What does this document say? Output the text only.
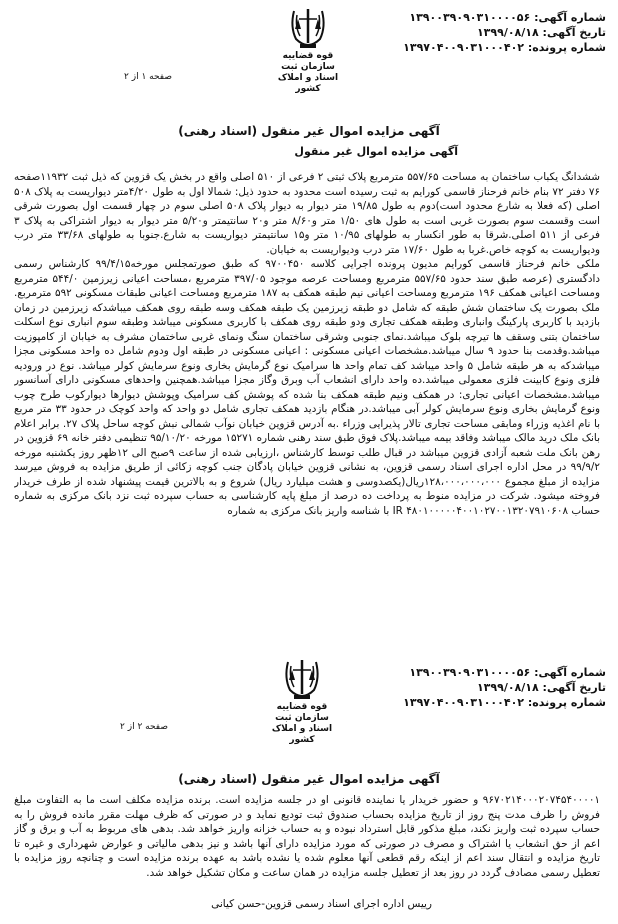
شماره آگهی: ۱۳۹۰۰۳۹۰۹۰۳۱۰۰۰۰۵۶
تاریخ آگهی: ۱۳۹۹/۰۸/۱۸
شماره پرونده: ۱۳۹۷۰۴۰۰۹۰۳۱۰۰۰۴۰۲
قوه قضاییه
سازمان ثبت اسناد و املاک کشور
صفحه ۱ از ۲
آگهی مزایده اموال غیر منقول (اسناد رهنی)
آگهی مزایده اموال غیر منقول
ششدانگ یکباب ساختمان به مساحت ۵۵۷/۶۵ مترمربع پلاک ثبتی ۲ فرعی از ۵۱۰ اصلی واقع در بخش یک قزوین که ذیل ثبت ۱۱۹۳۲صفحه ۷۶ دفتر ۷۲ بنام خانم فرحناز قاسمی کورایم به ثبت رسیده است محدود به حدود ذیل: شمالا اول به طول ۴/۲۰متر دیواریست به پلاک ۵۰۸ اصلی (که فعلا به شارع محدود است)دوم به طول ۱۹/۸۵ متر دیوار به دیوار پلاک ۵۰۸ اصلی سوم در چهار قسمت اول بصورت شرقی است وقسمت سوم بصورت غربی است به طول های ۱/۵۰ متر و۸/۶۰ متر و۲۰ سانتیمتر و۵/۲۰ متر دیوار به دیوار اشتراکی به پلاک ۳ فرعی از ۵۱۱ اصلی.شرقا به طور انکسار به طولهای ۱۰/۹۵ متر و۱۵ سانتیمتر دیواریست به شارع.جنوبا به طولهای ۳۳/۶۸ متر درب ودیواریست به کوچه خاص.غربا به طول ۱۷/۶۰ متر درب ودیواریست به خیابان.
ملکی خانم فرحناز قاسمی کورایم مدیون پرونده اجرایی کلاسه ۹۷۰۰۴۵۰ که طبق صورتمجلس مورخه۹۹/۴/۱۵ کارشناس رسمی دادگستری (عرصه طبق سند حدود ۵۵۷/۶۵ مترمربع ومساحت عرصه موجود ۳۹۷/۰۵ مترمربع ،مساحت اعیانی زیرزمین ۵۴۴/۰ مترمربع ومساحت اعیانی همکف ۱۹۶ مترمربع ومساحت اعیانی نیم طبقه همکف به ۱۸۷ مترمربع ومساحت اعیانی طبقات مسکونی ۵۹۲ مترمربع. ملک بصورت یک ساختمان شش طبقه که شامل دو طبقه زیرزمین یک طبقه همکف وسه طبقه روی همکف میباشدکه زیرزمین در زمان بازدید با کاربری پارکینگ وانباری وطبقه همکف تجاری ودو طبقه روی همکف با کاربری مسکونی میباشد وطبقه سوم انباری نوع اسکلت ساختمان بتنی وسقف ها تیرچه بلوک میباشد.نمای جنوبی وشرقی ساختمان سنگ ونمای غربی ساختمان مشرف به خیابان از کامپوزیت میباشد.وقدمت بنا حدود ۹ سال میباشد.مشخصات اعیانی مسکونی : اعیانی مسکونی در طبقه اول ودوم شامل ده واحد مسکونی مجزا میباشدکه به هر طبقه شامل ۵ واحد میباشد کف تمام واحد ها سرامیک نوع گرمایش بخاری ونوع سرمایش کولر میباشد. نوع در ورودیه فلزی ونوع کابینت فلزی معمولی میباشد.ده واحد دارای انشعاب آب وبرق وگاز مجزا میباشد.همچنین واحدهای مسکونی دارای آسانسور میباشد.مشخصات اعیانی تجاری: در همکف ونیم طبقه همکف بنا شده که پوشش کف سرامیک وپوشش دیوارها دیوارکوب طرح چوب ونوع گرمایش بخاری ونوع سرمایش کولر آبی میباشد.در هنگام بازدید همکف تجاری شامل دو واحد که واحد کوچک در حدود ۳۳ متر مربع با نام اغذیه وزراء ومابقی مساحت تجاری تالار پذیرایی وزراء .به آدرس قزوین خیابان نوآب شمالی نبش کوچه ساحل پلاک ۲۷. برابر اعلام بانک ملک درید مالک میباشد وفاقد بیمه میباشد.پلاک فوق طبق سند رهنی شماره ۱۵۲۷۱ مورخه ۹۵/۱۰/۲۰ تنظیمی دفتر خانه ۶۹ قزوین در رهن بانک ملت شعبه آزادی قزوین میباشد در قبال طلب توسط کارشناس ،ارزیابی شده از ساعت ۹صبح الی ۱۲ظهر روز یکشنبه مورخه ۹۹/۹/۲ در محل اداره اجرای اسناد رسمی قزوین، به نشانی قزوین خیابان پادگان جنب کوچه زکائی از طریق مزایده به فروش میرسد مزایده از مبلغ مجموع ۱۲۸،۰۰۰،۰۰۰،۰۰۰ریال(یکصدوسی و هشت میلیارد ریال) شروع و به بالاترین قیمت پیشنهاد شده از طرف خریدار فروخته میشود. شرکت در مزایده منوط به پرداخت ده درصد از مبلغ پایه کارشناسی به حساب سپرده ثبت نزد بانک مرکزی به شماره حساب IR ۴۸۰۱۰۰۰۰۰۴۰۰۱۰۲۷۰۰۱۳۲۰۷۹۱۰۶۰۸ با شناسه واریز بانک مرکزی به شماره
شماره آگهی: ۱۳۹۰۰۳۹۰۹۰۳۱۰۰۰۰۵۶
تاریخ آگهی: ۱۳۹۹/۰۸/۱۸
شماره پرونده: ۱۳۹۷۰۴۰۰۹۰۳۱۰۰۰۴۰۲
قوه قضاییه
سازمان ثبت اسناد و املاک کشور
صفحه ۲ از ۲
آگهی مزایده اموال غیر منقول (اسناد رهنی)
۹۶۷۰۲۱۴۰۰۰۲۰۷۴۵۴۰۰۰۰۱ و حضور خریدار یا نماینده قانونی او در جلسه مزایده است. برنده مزایده مکلف است ما به التفاوت مبلغ فروش را ظرف مدت پنج روز از تاریخ مزایده بحساب صندوق ثبت تودیع نماید و در صورتی که ظرف مهلت مقرر مانده فروش را به حساب سپرده ثبت واریز نکند، مبلغ مذکور قابل استرداد نبوده و به حساب خزانه واریز خواهد شد. بدهی های مربوط به آب و برق و گاز اعم از حق انشعاب یا اشتراک و مصرف در صورتی که مورد مزایده دارای آنها باشد و نیز بدهی مالیاتی و عوارض شهرداری و غیره تا تاریخ مزایده و انتقال سند اعم از اینکه رقم قطعی آنها معلوم شده یا نشده باشد به عهده برنده مزایده است و چنانچه روز مزایده با تعطیل رسمی مصادف گردد در روز بعد از تعطیل جلسه مزایده در همان ساعت و مکان تشکیل خواهد شد.
رییس اداره اجرای اسناد رسمی قزوین-حسن کیانی
